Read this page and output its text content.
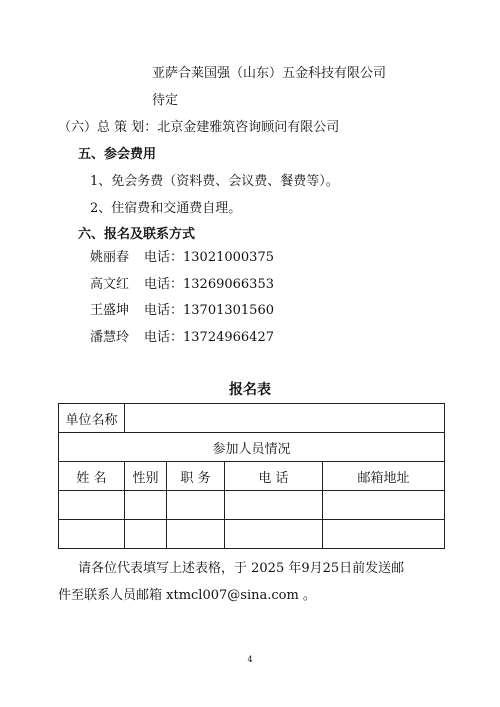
亚萨合莱国强（山东）五金科技有限公司
待定
（六）总 策 划：北京金建雅筑咨询顾问有限公司
五、参会费用
1、免会务费（资料费、会议费、餐费等）。
2、住宿费和交通费自理。
六、报名及联系方式
姚丽春 电话：13021000375
高文红 电话：13269066353
王盛坤 电话：13701301560
潘慧玲 电话：13724966427
报名表
单位名称				
参加人员情况				
姓 名	性别	职 务	电 话	邮箱地址

请各位代表填写上述表格，于 2025 年9月25日前发送邮
件至联系人员邮箱 xtmcl007@sina.com 。
4
